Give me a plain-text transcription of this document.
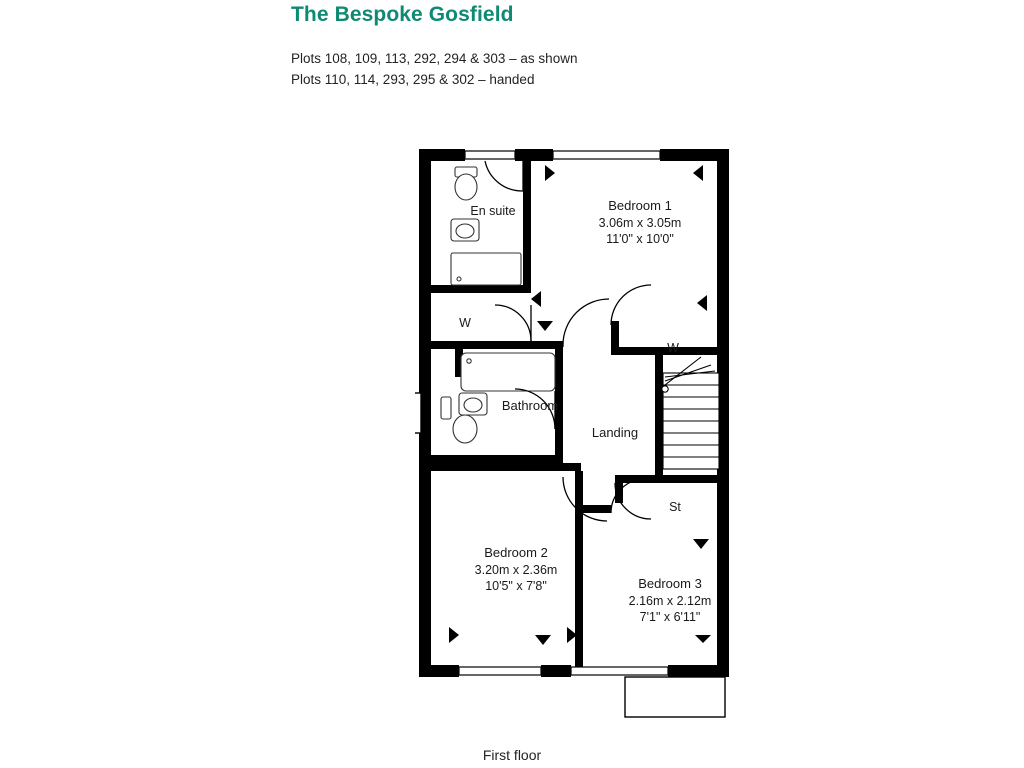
The Bespoke Gosfield
Plots 108, 109, 113, 292, 294 & 303 – as shown
Plots 110, 114, 293, 295 & 302 – handed
En suite	Bedroom 1
3.06m x 3.05m
11'0" x 10'0"
W
W
Bathroom
Landing
St
Bedroom 2
3.20m x 2.36m
10'5" x 7'8"	Bedroom 3
2.16m x 2.12m
7'1" x 6'11"
First floor
